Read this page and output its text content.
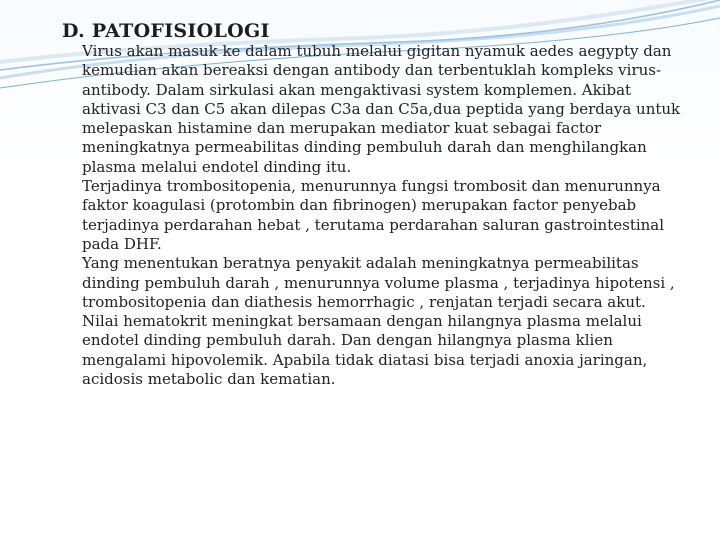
D. PATOFISIOLOGI

Virus akan masuk ke dalam tubuh melalui gigitan nyamuk aedes aegypty dan kemudian akan bereaksi dengan antibody dan terbentuklah kompleks virus-antibody. Dalam sirkulasi akan mengaktivasi system komplemen. Akibat aktivasi C3 dan C5 akan dilepas C3a dan C5a,dua peptida yang berdaya untuk melepaskan histamine dan merupakan mediator kuat sebagai factor meningkatnya permeabilitas dinding pembuluh darah dan menghilangkan plasma melalui endotel dinding itu.

Terjadinya trombositopenia, menurunnya fungsi trombosit dan menurunnya faktor koagulasi (protombin dan fibrinogen) merupakan factor penyebab terjadinya perdarahan hebat , terutama perdarahan saluran gastrointestinal pada DHF.

Yang menentukan beratnya penyakit adalah meningkatnya permeabilitas dinding pembuluh darah , menurunnya volume plasma , terjadinya hipotensi , trombositopenia dan diathesis hemorrhagic , renjatan terjadi secara akut.

Nilai hematokrit meningkat bersamaan dengan hilangnya plasma melalui endotel dinding pembuluh darah. Dan dengan hilangnya plasma klien mengalami hipovolemik. Apabila tidak diatasi bisa terjadi anoxia jaringan, acidosis metabolic dan kematian.
